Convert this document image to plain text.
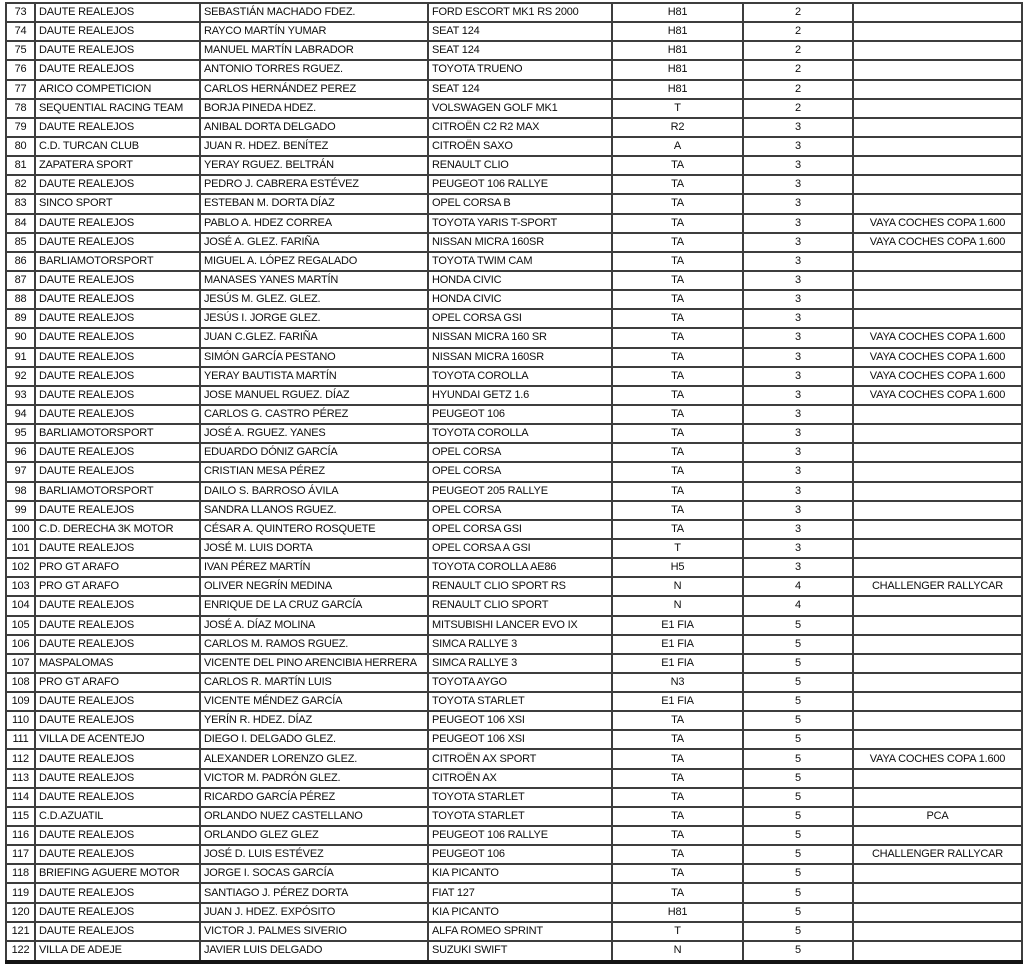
73	DAUTE REALEJOS	SEBASTIÁN MACHADO FDEZ.	FORD ESCORT MK1 RS 2000	H81	2	
74	DAUTE REALEJOS	RAYCO MARTÍN YUMAR	SEAT 124	H81	2	
75	DAUTE REALEJOS	MANUEL MARTÍN LABRADOR	SEAT 124	H81	2	
76	DAUTE REALEJOS	ANTONIO TORRES RGUEZ.	TOYOTA TRUENO	H81	2	
77	ARICO COMPETICION	CARLOS HERNÁNDEZ PEREZ	SEAT 124	H81	2	
78	SEQUENTIAL RACING TEAM	BORJA PINEDA HDEZ.	VOLSWAGEN GOLF MK1	T	2	
79	DAUTE REALEJOS	ANIBAL DORTA DELGADO	CITROËN C2 R2 MAX	R2	3	
80	C.D. TURCAN CLUB	JUAN R. HDEZ. BENÍTEZ	CITROËN SAXO	A	3	
81	ZAPATERA SPORT	YERAY RGUEZ. BELTRÁN	RENAULT CLIO	TA	3	
82	DAUTE REALEJOS	PEDRO J. CABRERA ESTÉVEZ	PEUGEOT 106 RALLYE	TA	3	
83	SINCO SPORT	ESTEBAN M. DORTA DÍAZ	OPEL CORSA B	TA	3	
84	DAUTE REALEJOS	PABLO A. HDEZ CORREA	TOYOTA YARIS T-SPORT	TA	3	VAYA COCHES COPA 1.600
85	DAUTE REALEJOS	JOSÉ A. GLEZ. FARIÑA	NISSAN MICRA 160SR	TA	3	VAYA COCHES COPA 1.600
86	BARLIAMOTORSPORT	MIGUEL A. LÓPEZ REGALADO	TOYOTA TWIM CAM	TA	3	
87	DAUTE REALEJOS	MANASES YANES MARTÍN	HONDA CIVIC	TA	3	
88	DAUTE REALEJOS	JESÚS M. GLEZ. GLEZ.	HONDA CIVIC	TA	3	
89	DAUTE REALEJOS	JESÚS I. JORGE GLEZ.	OPEL CORSA GSI	TA	3	
90	DAUTE REALEJOS	JUAN C.GLEZ. FARIÑA	NISSAN MICRA 160 SR	TA	3	VAYA COCHES COPA 1.600
91	DAUTE REALEJOS	SIMÓN GARCÍA PESTANO	NISSAN MICRA 160SR	TA	3	VAYA COCHES COPA 1.600
92	DAUTE REALEJOS	YERAY BAUTISTA MARTÍN	TOYOTA COROLLA	TA	3	VAYA COCHES COPA 1.600
93	DAUTE REALEJOS	JOSE MANUEL RGUEZ. DÍAZ	HYUNDAI GETZ 1.6	TA	3	VAYA COCHES COPA 1.600
94	DAUTE REALEJOS	CARLOS G. CASTRO PÉREZ	PEUGEOT 106	TA	3	
95	BARLIAMOTORSPORT	JOSÉ A. RGUEZ. YANES	TOYOTA COROLLA	TA	3	
96	DAUTE REALEJOS	EDUARDO DÓNIZ GARCÍA	OPEL CORSA	TA	3	
97	DAUTE REALEJOS	CRISTIAN MESA PÉREZ	OPEL CORSA	TA	3	
98	BARLIAMOTORSPORT	DAILO S. BARROSO ÁVILA	PEUGEOT 205 RALLYE	TA	3	
99	DAUTE REALEJOS	SANDRA LLANOS RGUEZ.	OPEL CORSA	TA	3	
100	C.D. DERECHA 3K MOTOR	CÉSAR A. QUINTERO ROSQUETE	OPEL CORSA GSI	TA	3	
101	DAUTE REALEJOS	JOSÉ M. LUIS DORTA	OPEL CORSA A GSI	T	3	
102	PRO GT ARAFO	IVAN PÉREZ MARTÍN	TOYOTA COROLLA AE86	H5	3	
103	PRO GT ARAFO	OLIVER NEGRÍN MEDINA	RENAULT CLIO SPORT RS	N	4	CHALLENGER RALLYCAR
104	DAUTE REALEJOS	ENRIQUE DE LA CRUZ GARCÍA	RENAULT CLIO SPORT	N	4	
105	DAUTE REALEJOS	JOSÉ A. DÍAZ MOLINA	MITSUBISHI LANCER EVO IX	E1 FIA	5	
106	DAUTE REALEJOS	CARLOS M. RAMOS RGUEZ.	SIMCA RALLYE 3	E1 FIA	5	
107	MASPALOMAS	VICENTE DEL PINO ARENCIBIA HERRERA	SIMCA RALLYE 3	E1 FIA	5	
108	PRO GT ARAFO	CARLOS R. MARTÍN LUIS	TOYOTA AYGO	N3	5	
109	DAUTE REALEJOS	VICENTE MÉNDEZ GARCÍA	TOYOTA STARLET	E1 FIA	5	
110	DAUTE REALEJOS	YERÍN R. HDEZ. DÍAZ	PEUGEOT 106 XSI	TA	5	
111	VILLA DE ACENTEJO	DIEGO I. DELGADO GLEZ.	PEUGEOT 106 XSI	TA	5	
112	DAUTE REALEJOS	ALEXANDER LORENZO GLEZ.	CITROËN AX SPORT	TA	5	VAYA COCHES COPA 1.600
113	DAUTE REALEJOS	VICTOR M. PADRÓN GLEZ.	CITROËN AX	TA	5	
114	DAUTE REALEJOS	RICARDO GARCÍA PÉREZ	TOYOTA STARLET	TA	5	
115	C.D.AZUATIL	ORLANDO NUEZ CASTELLANO	TOYOTA STARLET	TA	5	PCA
116	DAUTE REALEJOS	ORLANDO GLEZ GLEZ	PEUGEOT 106 RALLYE	TA	5	
117	DAUTE REALEJOS	JOSÉ D. LUIS ESTÉVEZ	PEUGEOT 106	TA	5	CHALLENGER RALLYCAR
118	BRIEFING AGUERE MOTOR	JORGE I. SOCAS GARCÍA	KIA PICANTO	TA	5	
119	DAUTE REALEJOS	SANTIAGO J. PÉREZ DORTA	FIAT 127	TA	5	
120	DAUTE REALEJOS	JUAN J. HDEZ. EXPÓSITO	KIA PICANTO	H81	5	
121	DAUTE REALEJOS	VICTOR J. PALMES SIVERIO	ALFA ROMEO SPRINT	T	5	
122	VILLA DE ADEJE	JAVIER LUIS DELGADO	SUZUKI SWIFT	N	5	
